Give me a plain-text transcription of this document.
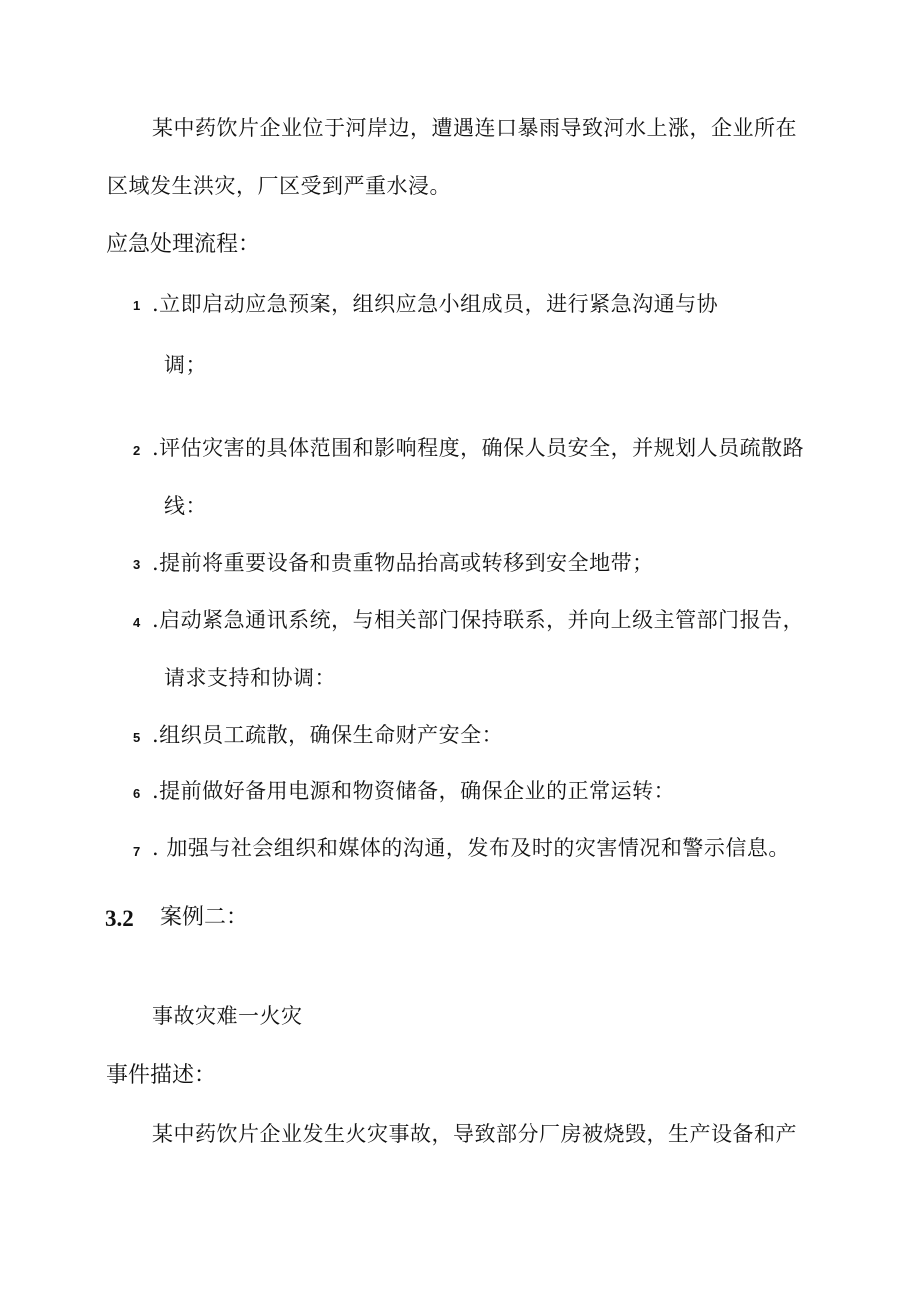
某中药饮片企业位于河岸边，遭遇连口暴雨导致河水上涨，企业所在
区域发生洪灾，厂区受到严重水浸。
应急处理流程：
1 .立即启动应急预案，组织应急小组成员，进行紧急沟通与协
调；
2 .评估灾害的具体范围和影响程度，确保人员安全，并规划人员疏散路
线：
3 .提前将重要设备和贵重物品抬高或转移到安全地带；
4 .启动紧急通讯系统，与相关部门保持联系，并向上级主管部门报告，
请求支持和协调：
5 .组织员工疏散，确保生命财产安全：
6 .提前做好备用电源和物资储备，确保企业的正常运转：
7 . 加强与社会组织和媒体的沟通，发布及时的灾害情况和警示信息。
3.2 案例二：
事故灾难一火灾
事件描述：
某中药饮片企业发生火灾事故，导致部分厂房被烧毁，生产设备和产
